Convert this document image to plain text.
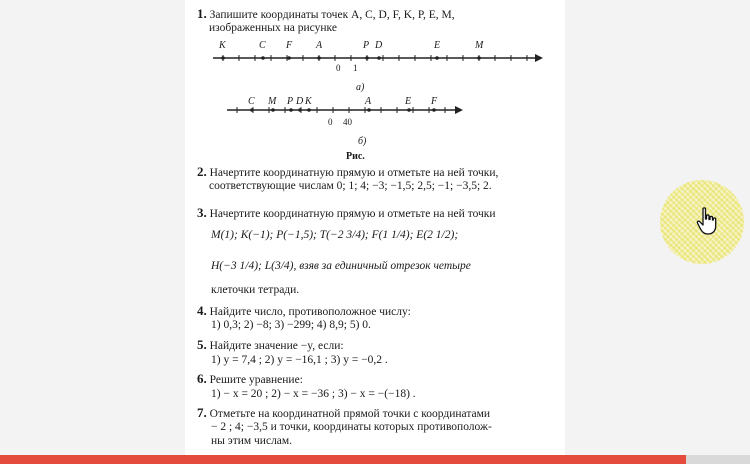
1. Запишите координаты точек A, C, D, F, K, P, E, M,
изображенных на рисунке
K	C F A	P D	E	M
0 1
а)
C M P D K	A	E F
0 40
б)
Рис.
2. Начертите координатную прямую и отметьте на ней точки,
соответствующие числам 0; 1; 4; −3; −1,5; 2,5; −1; −3,5; 2.
3. Начертите координатную прямую и отметьте на ней точки
M(1); K(−1); P(−1,5); T(−2 3/4); F(1 1/4); E(2 1/2);
H(−3 1/4); L(3/4), взяв за единичный отрезок четыре
клеточки тетради.
4. Найдите число, противоположное числу:
1) 0,3; 2) −8; 3) −299; 4) 8,9; 5) 0.
5. Найдите значение −y, если:
1) y = 7,4 ; 2) y = −16,1 ; 3) y = −0,2 .
6. Решите уравнение:
1) − x = 20 ; 2) − x = −36 ; 3) − x = −(−18) .
7. Отметьте на координатной прямой точки с координатами
− 2 ; 4; −3,5 и точки, координаты которых противополож-
ны этим числам.
